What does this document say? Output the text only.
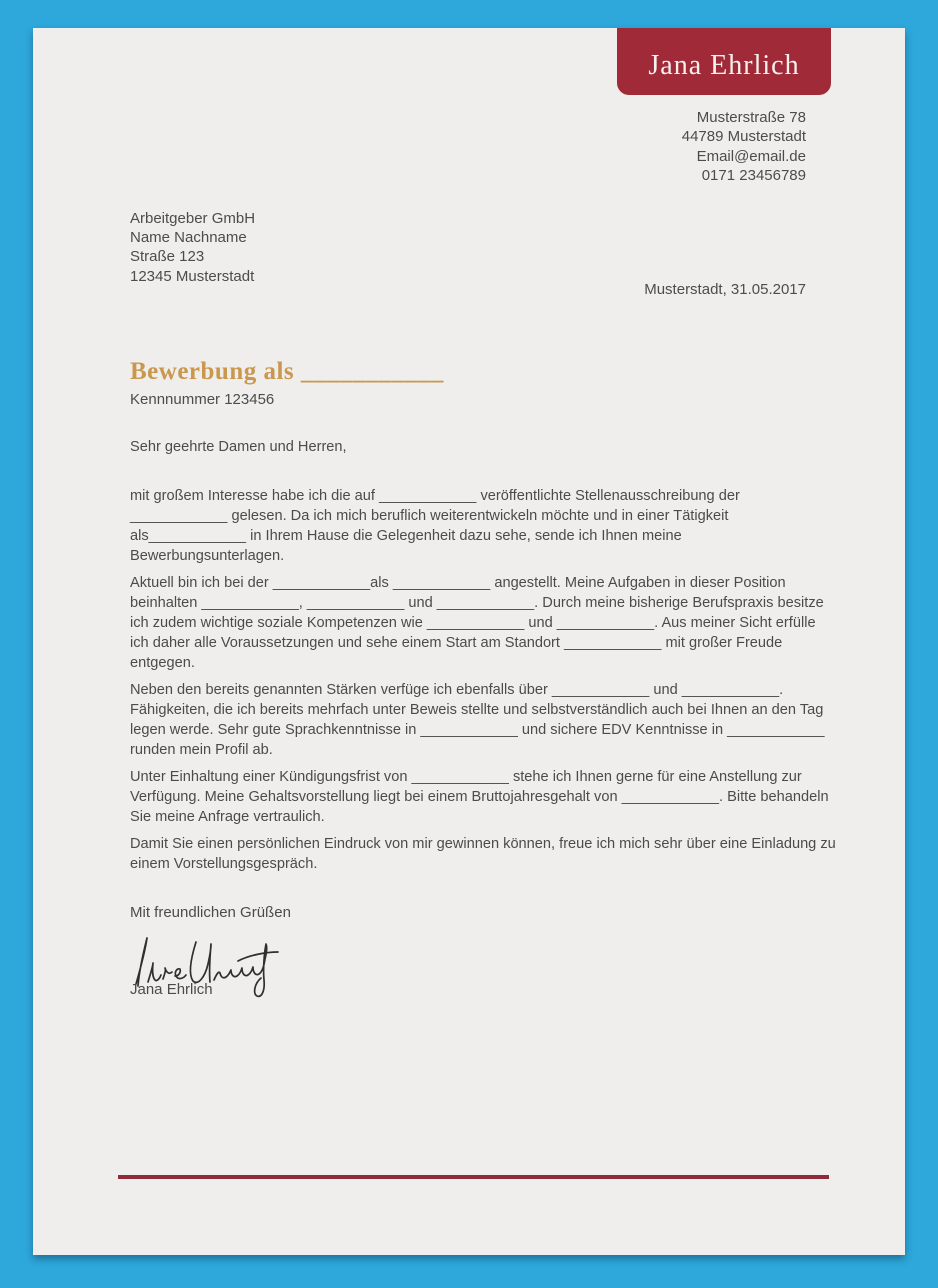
Jana Ehrlich
Musterstraße 78
44789 Musterstadt
Email@email.de
0171 23456789
Arbeitgeber GmbH
Name Nachname
Straße 123
12345 Musterstadt
Musterstadt, 31.05.2017
Bewerbung als ___________
Kennnummer 123456

Sehr geehrte Damen und Herren,

mit großem Interesse habe ich die auf ____________ veröffentlichte Stellenausschreibung der ____________ gelesen. Da ich mich beruflich weiterentwickeln möchte und in einer Tätigkeit als____________ in Ihrem Hause die Gelegenheit dazu sehe, sende ich Ihnen meine Bewerbungsunterlagen.

Aktuell bin ich bei der ____________als ____________ angestellt. Meine Aufgaben in dieser Position beinhalten ____________, ____________ und ____________. Durch meine bisherige Berufspraxis besitze ich zudem wichtige soziale Kompetenzen wie ____________ und ____________. Aus meiner Sicht erfülle ich daher alle Voraussetzungen und sehe einem Start am Standort ____________ mit großer Freude entgegen.

Neben den bereits genannten Stärken verfüge ich ebenfalls über ____________ und ____________. Fähigkeiten, die ich bereits mehrfach unter Beweis stellte und selbstverständlich auch bei Ihnen an den Tag legen werde. Sehr gute Sprachkenntnisse in ____________ und sichere EDV Kenntnisse in ____________ runden mein Profil ab.

Unter Einhaltung einer Kündigungsfrist von ____________ stehe ich Ihnen gerne für eine Anstellung zur Verfügung. Meine Gehaltsvorstellung liegt bei einem Bruttojahresgehalt von ____________. Bitte behandeln Sie meine Anfrage vertraulich.

Damit Sie einen persönlichen Eindruck von mir gewinnen können, freue ich mich sehr über eine Einladung zu einem Vorstellungsgespräch.

Mit freundlichen Grüßen
Jana Ehrlich
